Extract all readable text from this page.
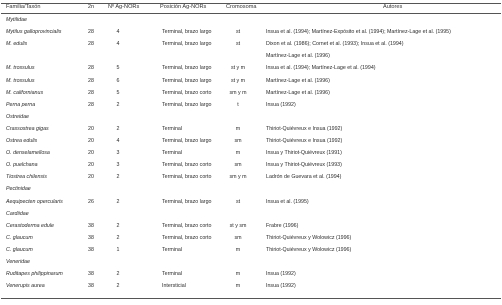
Familia/Taxón	2n	Nº Ag-NORs	Posición Ag-NORs	Cromosoma	Autores
Mytilidae
Mytilus galloprovincialis	28	4	Terminal, brazo largo	st	Insua et al. (1994); Martínez-Expósito et al. (1994); Martínez-Lage et al. (1995)
M. edulis	28	4	Terminal, brazo largo	st	Dixon et al. (1986); Cornet et al. (1993); Insua et al. (1994)
Martínez-Lage et al. (1996)
M. trossulus	28	5	Terminal, brazo largo	st y m	Insua et al. (1994); Martínez-Lage et al. (1994)
M. trossulus	28	6	Terminal, brazo largo	st y m	Martínez-Lage et al. (1996)
M. californianus	28	5	Terminal, brazo corto	sm y m	Martínez-Lage et al. (1996)
Perna perna	28	2	Terminal, brazo largo	t	Insua (1992)
Ostreidae
Crassostrea gigas	20	2	Terminal	m	Thiriot-Quiévreux e Insua (1992)
Ostrea edulis	20	4	Terminal, brazo largo	sm	Thiriot-Quiévreux e Insua (1992)
O. denselamellosa	20	3	Terminal	m	Insua y Thiriot-Quiévreux (1991)
O. puelchana	20	3	Terminal, brazo corto	sm	Insua y Thiriot-Quiévreux (1993)
Tiostrea chilensis	20	2	Terminal, brazo corto	sm y m	Ladrón de Guevara et al. (1994)
Pectinidae
Aequipecten opercularis	26	2	Terminal, brazo largo	st	Insua et al. (1995)
Cardiidae
Cerastoderma edule	38	2	Terminal, brazo corto	st y sm	Frabre (1996)
C. glaucum	38	2	Terminal, brazo corto	sm	Thiriot-Quiévreux y Wolowicz (1996)
C. glaucum	38	1	Terminal	m	Thiriot-Quiévreux y Wolowicz (1996)
Veneridae
Ruditapes philippinarum	38	2	Terminal	m	Insua (1992)
Venerupis aurea	38	2	Intersticial	m	Insua (1992)
